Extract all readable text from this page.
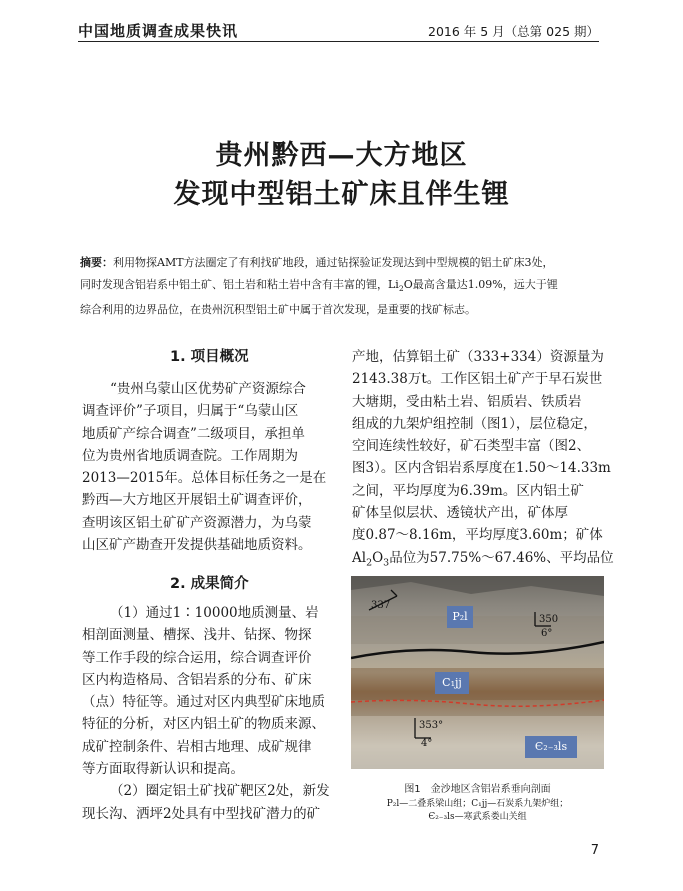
中国地质调查成果快讯	2016 年 5 月（总第 025 期）
贵州黔西—大方地区
发现中型铝土矿床且伴生锂
摘要：利用物探AMT方法圈定了有利找矿地段，通过钻探验证发现达到中型规模的铝土矿床3处，
同时发现含铝岩系中铝土矿、铝土岩和粘土岩中含有丰富的锂，$Li_2O$最高含量达1.09%，远大于锂
综合利用的边界品位，在贵州沉积型铝土矿中属于首次发现，是重要的找矿标志。
1. 项目概况
“贵州乌蒙山区优势矿产资源综合
调查评价”子项目，归属于“乌蒙山区
地质矿产综合调查”二级项目，承担单
位为贵州省地质调查院。工作周期为
2013—2015年。总体目标任务之一是在
黔西—大方地区开展铝土矿调查评价，
查明该区铝土矿矿产资源潜力，为乌蒙
山区矿产勘查开发提供基础地质资料。
2. 成果简介
（1）通过1∶10000地质测量、岩
相剖面测量、槽探、浅井、钻探、物探
等工作手段的综合运用，综合调查评价
区内构造格局、含铝岩系的分布、矿床
（点）特征等。通过对区内典型矿床地质
特征的分析，对区内铝土矿的物质来源、
成矿控制条件、岩相古地理、成矿规律
等方面取得新认识和提高。
（2）圈定铝土矿找矿靶区2处，新发
现长沟、洒坪2处具有中型找矿潜力的矿
产地，估算铝土矿（333+334）资源量为
2143.38万t。工作区铝土矿产于早石炭世
大塘期，受由粘土岩、铝质岩、铁质岩
组成的九架炉组控制（图1），层位稳定，
空间连续性较好，矿石类型丰富（图2、
图3）。区内含铝岩系厚度在1.50～14.33m
之间，平均厚度为6.39m。区内铝土矿
矿体呈似层状、透镜状产出，矿体厚
度0.87～8.16m，平均厚度3.60m；矿体
$Al_2O_3$品位为57.75%～67.46%、平均品位
P₂l
C₁jj
Є₂₋₃ls
350
6°
353°
4°
337
图1　金沙地区含铝岩系垂向剖面
P₂l—二叠系梁山组；C₁jj—石炭系九架炉组；
Є₂₋₃ls—寒武系娄山关组
7
